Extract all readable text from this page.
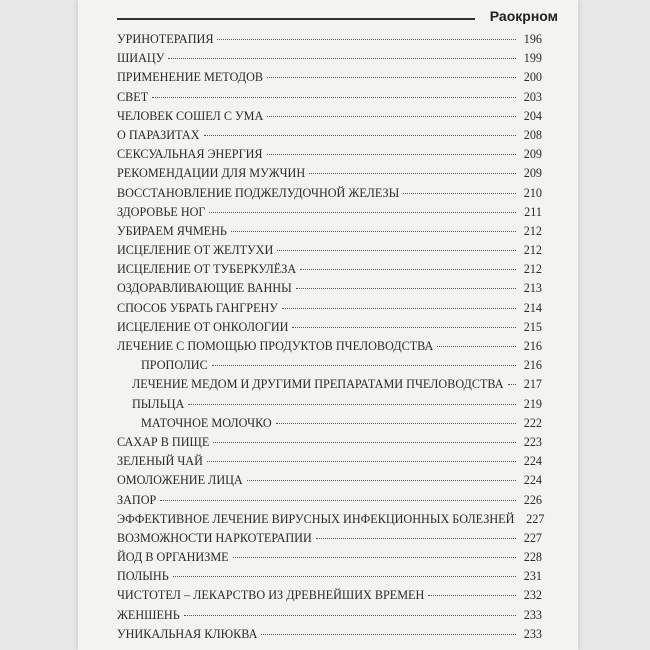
Раокрном
УРИНОТЕРАПИЯ	196
ШИАЦУ	199
ПРИМЕНЕНИЕ МЕТОДОВ	200
СВЕТ	203
ЧЕЛОВЕК СОШЕЛ С УМА	204
О ПАРАЗИТАХ	208
СЕКСУАЛЬНАЯ ЭНЕРГИЯ	209
РЕКОМЕНДАЦИИ ДЛЯ МУЖЧИН	209
ВОССТАНОВЛЕНИЕ ПОДЖЕЛУДОЧНОЙ ЖЕЛЕЗЫ	210
ЗДОРОВЬЕ НОГ	211
УБИРАЕМ ЯЧМЕНЬ	212
ИСЦЕЛЕНИЕ ОТ ЖЕЛТУХИ	212
ИСЦЕЛЕНИЕ ОТ ТУБЕРКУЛЁЗА	212
ОЗДОРАВЛИВАЮЩИЕ ВАННЫ	213
СПОСОБ УБРАТЬ ГАНГРЕНУ	214
ИСЦЕЛЕНИЕ ОТ ОНКОЛОГИИ	215
ЛЕЧЕНИЕ С ПОМОЩЬЮ ПРОДУКТОВ ПЧЕЛОВОДСТВА	216
ПРОПОЛИС	216
ЛЕЧЕНИЕ МЕДОМ И ДРУГИМИ ПРЕПАРАТАМИ ПЧЕЛОВОДСТВА	217
ПЫЛЬЦА	219
МАТОЧНОЕ МОЛОЧКО	222
САХАР В ПИЩЕ	223
ЗЕЛЕНЫЙ ЧАЙ	224
ОМОЛОЖЕНИЕ ЛИЦА	224
ЗАПОР	226
ЭФФЕКТИВНОЕ ЛЕЧЕНИЕ ВИРУСНЫХ ИНФЕКЦИОННЫХ БОЛЕЗНЕЙ 227
ВОЗМОЖНОСТИ НАРКОТЕРАПИИ	227
ЙОД В ОРГАНИЗМЕ	228
ПОЛЫНЬ	231
ЧИСТОТЕЛ – ЛЕКАРСТВО ИЗ ДРЕВНЕЙШИХ ВРЕМЕН	232
ЖЕНШЕНЬ	233
УНИКАЛЬНАЯ КЛЮКВА	233
